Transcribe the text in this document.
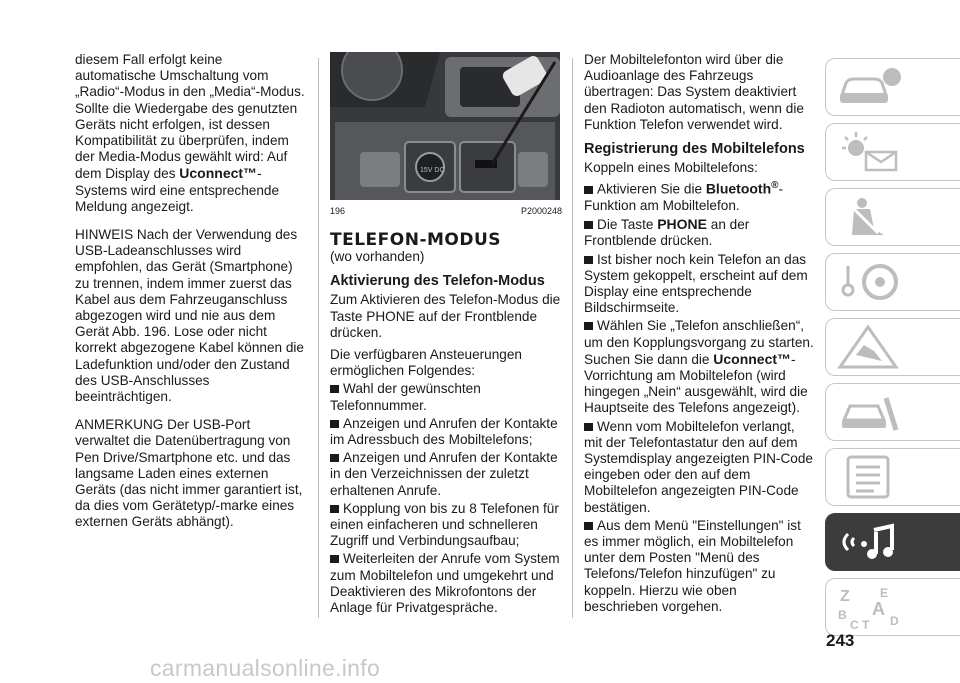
diesem Fall erfolgt keine automatische Umschaltung vom „Radio“-Modus in den „Media“-Modus. Sollte die Wiedergabe des genutzten Geräts nicht erfolgen, ist dessen Kompatibilität zu überprüfen, indem der Media-Modus gewählt wird: Auf dem Display des Uconnect™-Systems wird eine entsprechende Meldung angezeigt.

HINWEIS Nach der Verwendung des USB-Ladeanschlusses wird empfohlen, das Gerät (Smartphone) zu trennen, indem immer zuerst das Kabel aus dem Fahrzeuganschluss abgezogen wird und nie aus dem Gerät Abb. 196. Lose oder nicht korrekt abgezogene Kabel können die Ladefunktion und/oder den Zustand des USB-Anschlusses beeinträchtigen.

ANMERKUNG Der USB-Port verwaltet die Datenübertragung von Pen Drive/Smartphone etc. und das langsame Laden eines externen Geräts (das nicht immer garantiert ist, da dies vom Gerätetyp/-marke eines externen Geräts abhängt).

15V DC
196	P2000248
TELEFON-MODUS
(wo vorhanden)
Aktivierung des Telefon-Modus

Zum Aktivieren des Telefon-Modus die Taste PHONE auf der Frontblende drücken.

Die verfügbaren Ansteuerungen ermöglichen Folgendes:

Wahl der gewünschten Telefonnummer.
Anzeigen und Anrufen der Kontakte im Adressbuch des Mobiltelefons;
Anzeigen und Anrufen der Kontakte in den Verzeichnissen der zuletzt erhaltenen Anrufe.
Kopplung von bis zu 8 Telefonen für einen einfacheren und schnelleren Zugriff und Verbindungsaufbau;
Weiterleiten der Anrufe vom System zum Mobiltelefon und umgekehrt und Deaktivieren des Mikrofontons der Anlage für Privatgespräche.

Der Mobiltelefonton wird über die Audioanlage des Fahrzeugs übertragen: Das System deaktiviert den Radioton automatisch, wenn die Funktion Telefon verwendet wird.

Registrierung des Mobiltelefons
Koppeln eines Mobiltelefons:
Aktivieren Sie die Bluetooth®-Funktion am Mobiltelefon.
Die Taste PHONE an der Frontblende drücken.
Ist bisher noch kein Telefon an das System gekoppelt, erscheint auf dem Display eine entsprechende Bildschirmseite.
Wählen Sie „Telefon anschließen“, um den Kopplungsvorgang zu starten. Suchen Sie dann die Uconnect™-Vorrichtung am Mobiltelefon (wird hingegen „Nein“ ausgewählt, wird die Hauptseite des Telefons angezeigt).
Wenn vom Mobiltelefon verlangt, mit der Telefontastatur den auf dem Systemdisplay angezeigten PIN-Code eingeben oder den auf dem Mobiltelefon angezeigten PIN-Code bestätigen.
Aus dem Menü "Einstellungen" ist es immer möglich, ein Mobiltelefon unter dem Posten "Menü des Telefons/Telefon hinzufügen" zu koppeln. Hierzu wie oben beschrieben vorgehen.
Z	E
B A
C T D
243
carmanualsonline.info
